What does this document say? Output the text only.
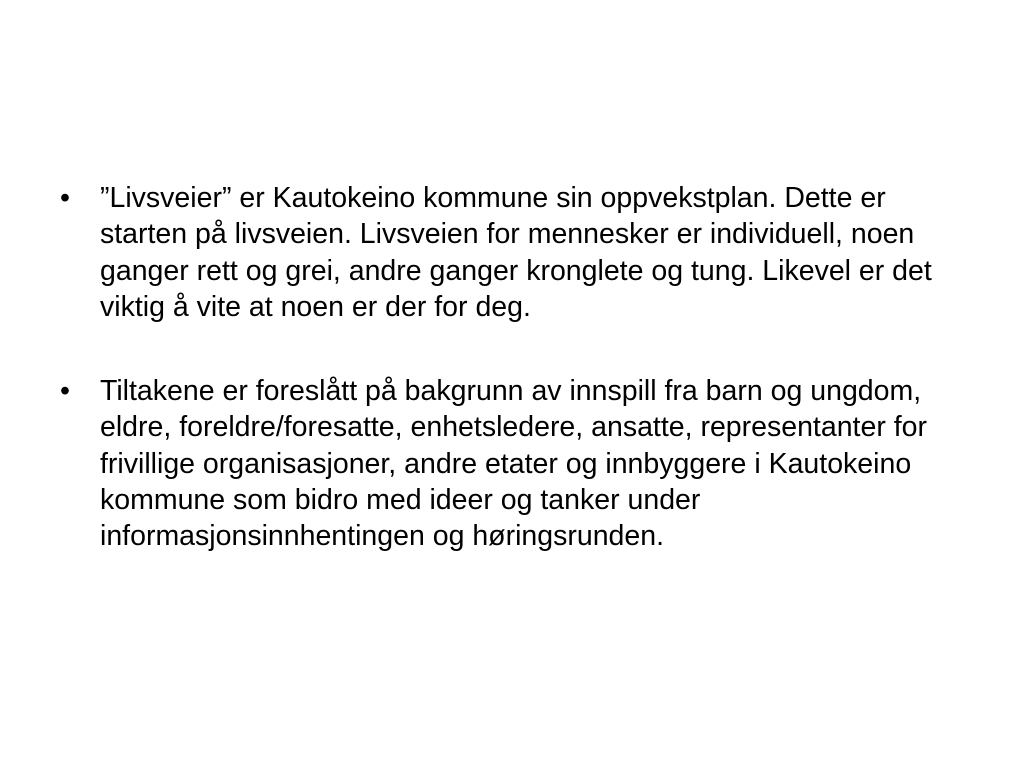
•	”Livsveier” er Kautokeino kommune sin oppvekstplan. Dette er starten på livsveien. Livsveien for mennesker er individuell, noen ganger rett og grei, andre ganger kronglete og tung. Likevel er det viktig å vite at noen er der for deg.
•	Tiltakene er foreslått på bakgrunn av innspill fra barn og ungdom, eldre, foreldre/foresatte, enhetsledere, ansatte, representanter for frivillige organisasjoner, andre etater og innbyggere i Kautokeino kommune som bidro med ideer og tanker under informasjonsinnhentingen og høringsrunden.
